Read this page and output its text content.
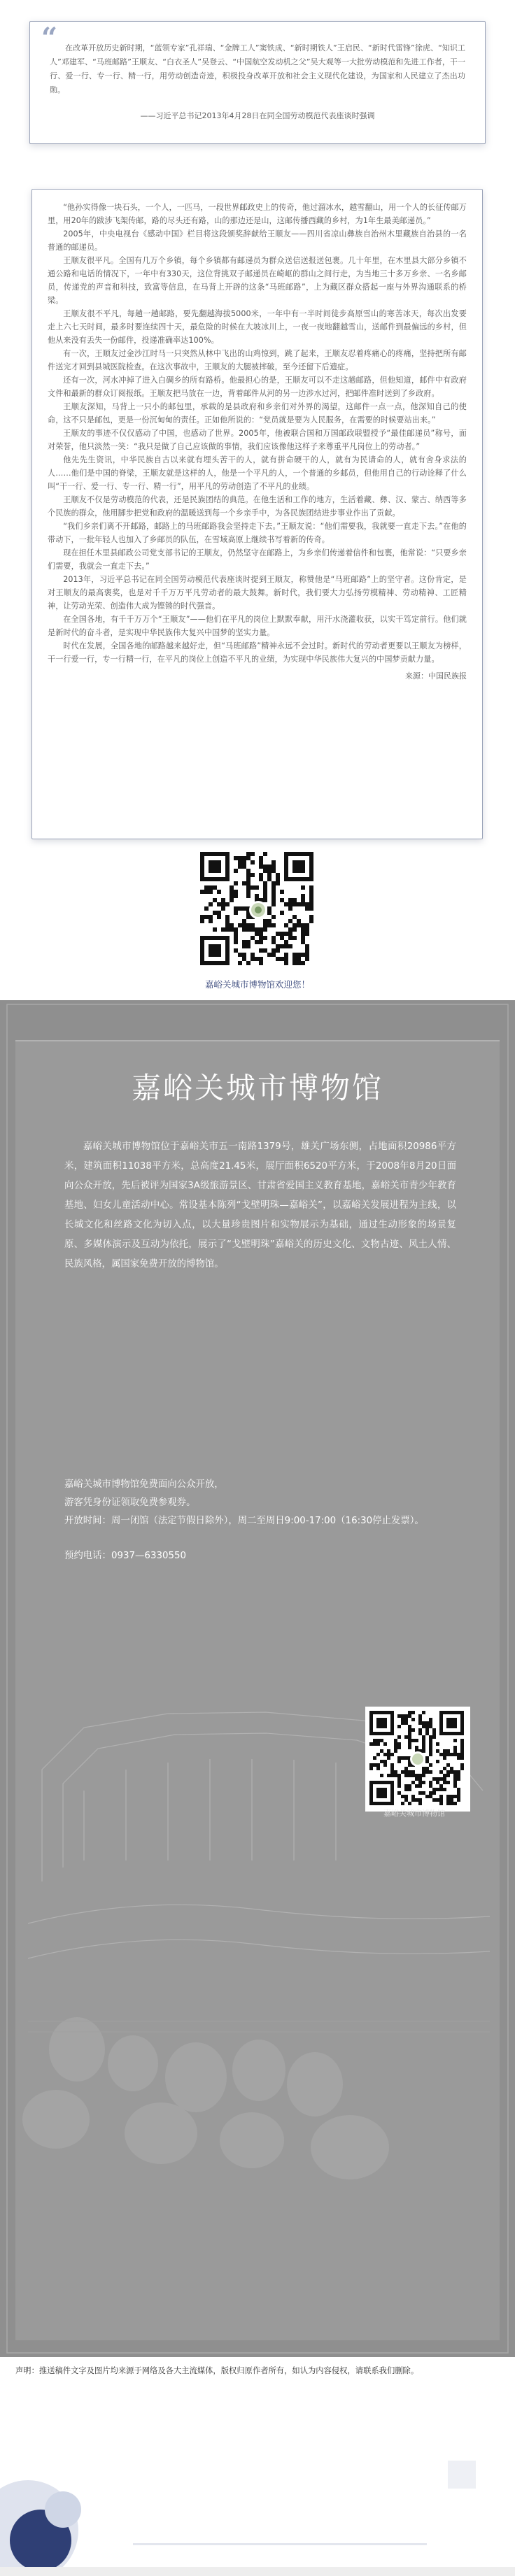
“ 在改革开放历史新时期，“蓝领专家”孔祥瑞、“金牌工人”窦铁成、“新时期铁人”王启民、“新时代雷锋”徐虎、“知识工人”邓建军、“马班邮路”王顺友、“白衣圣人”吴登云、“中国航空发动机之父”吴大观等一大批劳动模范和先进工作者，干一行、爱一行、专一行、精一行，用劳动创造奇迹，积极投身改革开放和社会主义现代化建设，为国家和人民建立了杰出功勋。

——习近平总书记2013年4月28日在同全国劳动模范代表座谈时强调

“他孙实得像一块石头，一个人，一匹马，一段世界邮政史上的传奇，他过溜冰水，越雪翻山，用一个人的长征传邮万里，用20年的跋涉飞架传邮，路的尽头还有路，山的那边还是山，这邮传播西藏的乡村，为1年生最美邮递员。”

2005年，中央电视台《感动中国》栏目将这段颁奖辞献给王顺友——四川省凉山彝族自治州木里藏族自治县的一名普通的邮递员。

王顺友很平凡。全国有几万个乡镇，每个乡镇都有邮递员为群众送信送报送包裹。几十年里，在木里县大部分乡镇不通公路和电话的情况下，一年中有330天，这位背挑双子邮递员在崎岖的群山之间行走，为当地三十多万乡亲、一名乡邮员，传递党的声音和科技，致富等信息，在马背上开辟的这条“马班邮路”，上为藏区群众搭起一座与外界沟通联系的桥梁。

王顺友很不平凡，每趟一趟邮路，要先翻越海拔5000米，一年中有一半时间徒步高原雪山的寒苦冰天，每次出发要走上六七天时间，最多时要连续四十天，最危险的时候在大坡冰川上，一夜一夜地翻越雪山，送邮件到最偏远的乡村，但他从来没有丢失一份邮件，投递准确率达100%。

有一次，王顺友过金沙江时马一只突然从林中飞出的山鸡惊到，跳了起来，王顺友忍着疼痛心的疼痛，坚持把所有邮件送完才回到县城医院检查。在这次事故中，王顺友的大腿被摔破，至今还留下后遗症。

还有一次，河水冲掉了进入白碉乡的所有路桥。他最担心的是，王顺友可以不走这趟邮路，但他知道，邮件中有政府文件和最新的群众订阅报纸。王顺友把马放在一边，背着邮件从河的另一边涉水过河，把邮件准时送到了乡政府。

王顺友深知，马背上一只小的邮包里，承载的是县政府和乡亲们对外界的渴望，这邮件一点一点，他深知自己的使命，这不只是邮包，更是一份沉甸甸的责任。正如他所说的：“党员就是要为人民服务，在需要的时候要站出来。”

王顺友的事迹不仅仅感动了中国，也感动了世界。2005年，他被联合国和万国邮政联盟授予“最佳邮递员”称号，面对荣誉，他只淡然一笑：“我只是做了自己应该做的事情，我们应该像他这样子来尊重平凡岗位上的劳动者。”

他先先生资讯，中华民族自古以来就有埋头苦干的人，就有拼命硬干的人，就有为民请命的人，就有舍身求法的人……他们是中国的脊梁，王顺友就是这样的人，他是一个平凡的人，一个普通的乡邮员，但他用自己的行动诠释了什么叫“干一行、爱一行、专一行、精一行”，用平凡的劳动创造了不平凡的业绩。

王顺友不仅是劳动模范的代表，还是民族团结的典范。在他生活和工作的地方，生活着藏、彝、汉、蒙古、纳西等多个民族的群众，他用脚步把党和政府的温暖送到每一个乡亲手中，为各民族团结进步事业作出了贡献。

“我们乡亲们离不开邮路，邮路上的马班邮路我会坚持走下去。”王顺友说：“他们需要我，我就要一直走下去。”在他的带动下，一批年轻人也加入了乡邮员的队伍，在雪域高原上继续书写着新的传奇。

现在担任木里县邮政公司党支部书记的王顺友，仍然坚守在邮路上，为乡亲们传递着信件和包裹，他常说：“只要乡亲们需要，我就会一直走下去。”

2013年，习近平总书记在同全国劳动模范代表座谈时提到王顺友，称赞他是“马班邮路”上的坚守者。这份肯定，是对王顺友的最高褒奖，也是对千千万万平凡劳动者的最大鼓舞。新时代，我们要大力弘扬劳模精神、劳动精神、工匠精神，让劳动光荣、创造伟大成为铿锵的时代强音。

在全国各地，有千千万万个“王顺友”——他们在平凡的岗位上默默奉献，用汗水浇灌收获，以实干笃定前行。他们就是新时代的奋斗者，是实现中华民族伟大复兴中国梦的坚实力量。

时代在发展，全国各地的邮路越来越好走，但“马班邮路”精神永远不会过时。新时代的劳动者更要以王顺友为榜样，干一行爱一行，专一行精一行，在平凡的岗位上创造不平凡的业绩，为实现中华民族伟大复兴的中国梦贡献力量。

来源：中国民族报
嘉峪关城市博物馆欢迎您！
嘉峪关城市博物馆
嘉峪关城市博物馆位于嘉峪关市五一南路1379号，雄关广场东侧，占地面积20986平方米，建筑面积11038平方米，总高度21.45米，展厅面积6520平方米，于2008年8月20日面向公众开放，先后被评为国家3A级旅游景区、甘肃省爱国主义教育基地，嘉峪关市青少年教育基地、妇女儿童活动中心。常设基本陈列“戈壁明珠—嘉峪关”，以嘉峪关发展进程为主线，以长城文化和丝路文化为切入点，以大量珍贵图片和实物展示为基础，通过生动形象的场景复原、多媒体演示及互动为依托，展示了“戈壁明珠”嘉峪关的历史文化、文物古迹、风土人情、民族风格，属国家免费开放的博物馆。
嘉峪关城市博物馆免费面向公众开放，
游客凭身份证领取免费参观券。
开放时间：周一闭馆（法定节假日除外），周二至周日9:00-17:00（16:30停止发票）。
预约电话：0937—6330550
嘉峪关城市博物馆
声明：推送稿件文字及图片均来源于网络及各大主流媒体，版权归原作者所有，如认为内容侵权，请联系我们删除。
